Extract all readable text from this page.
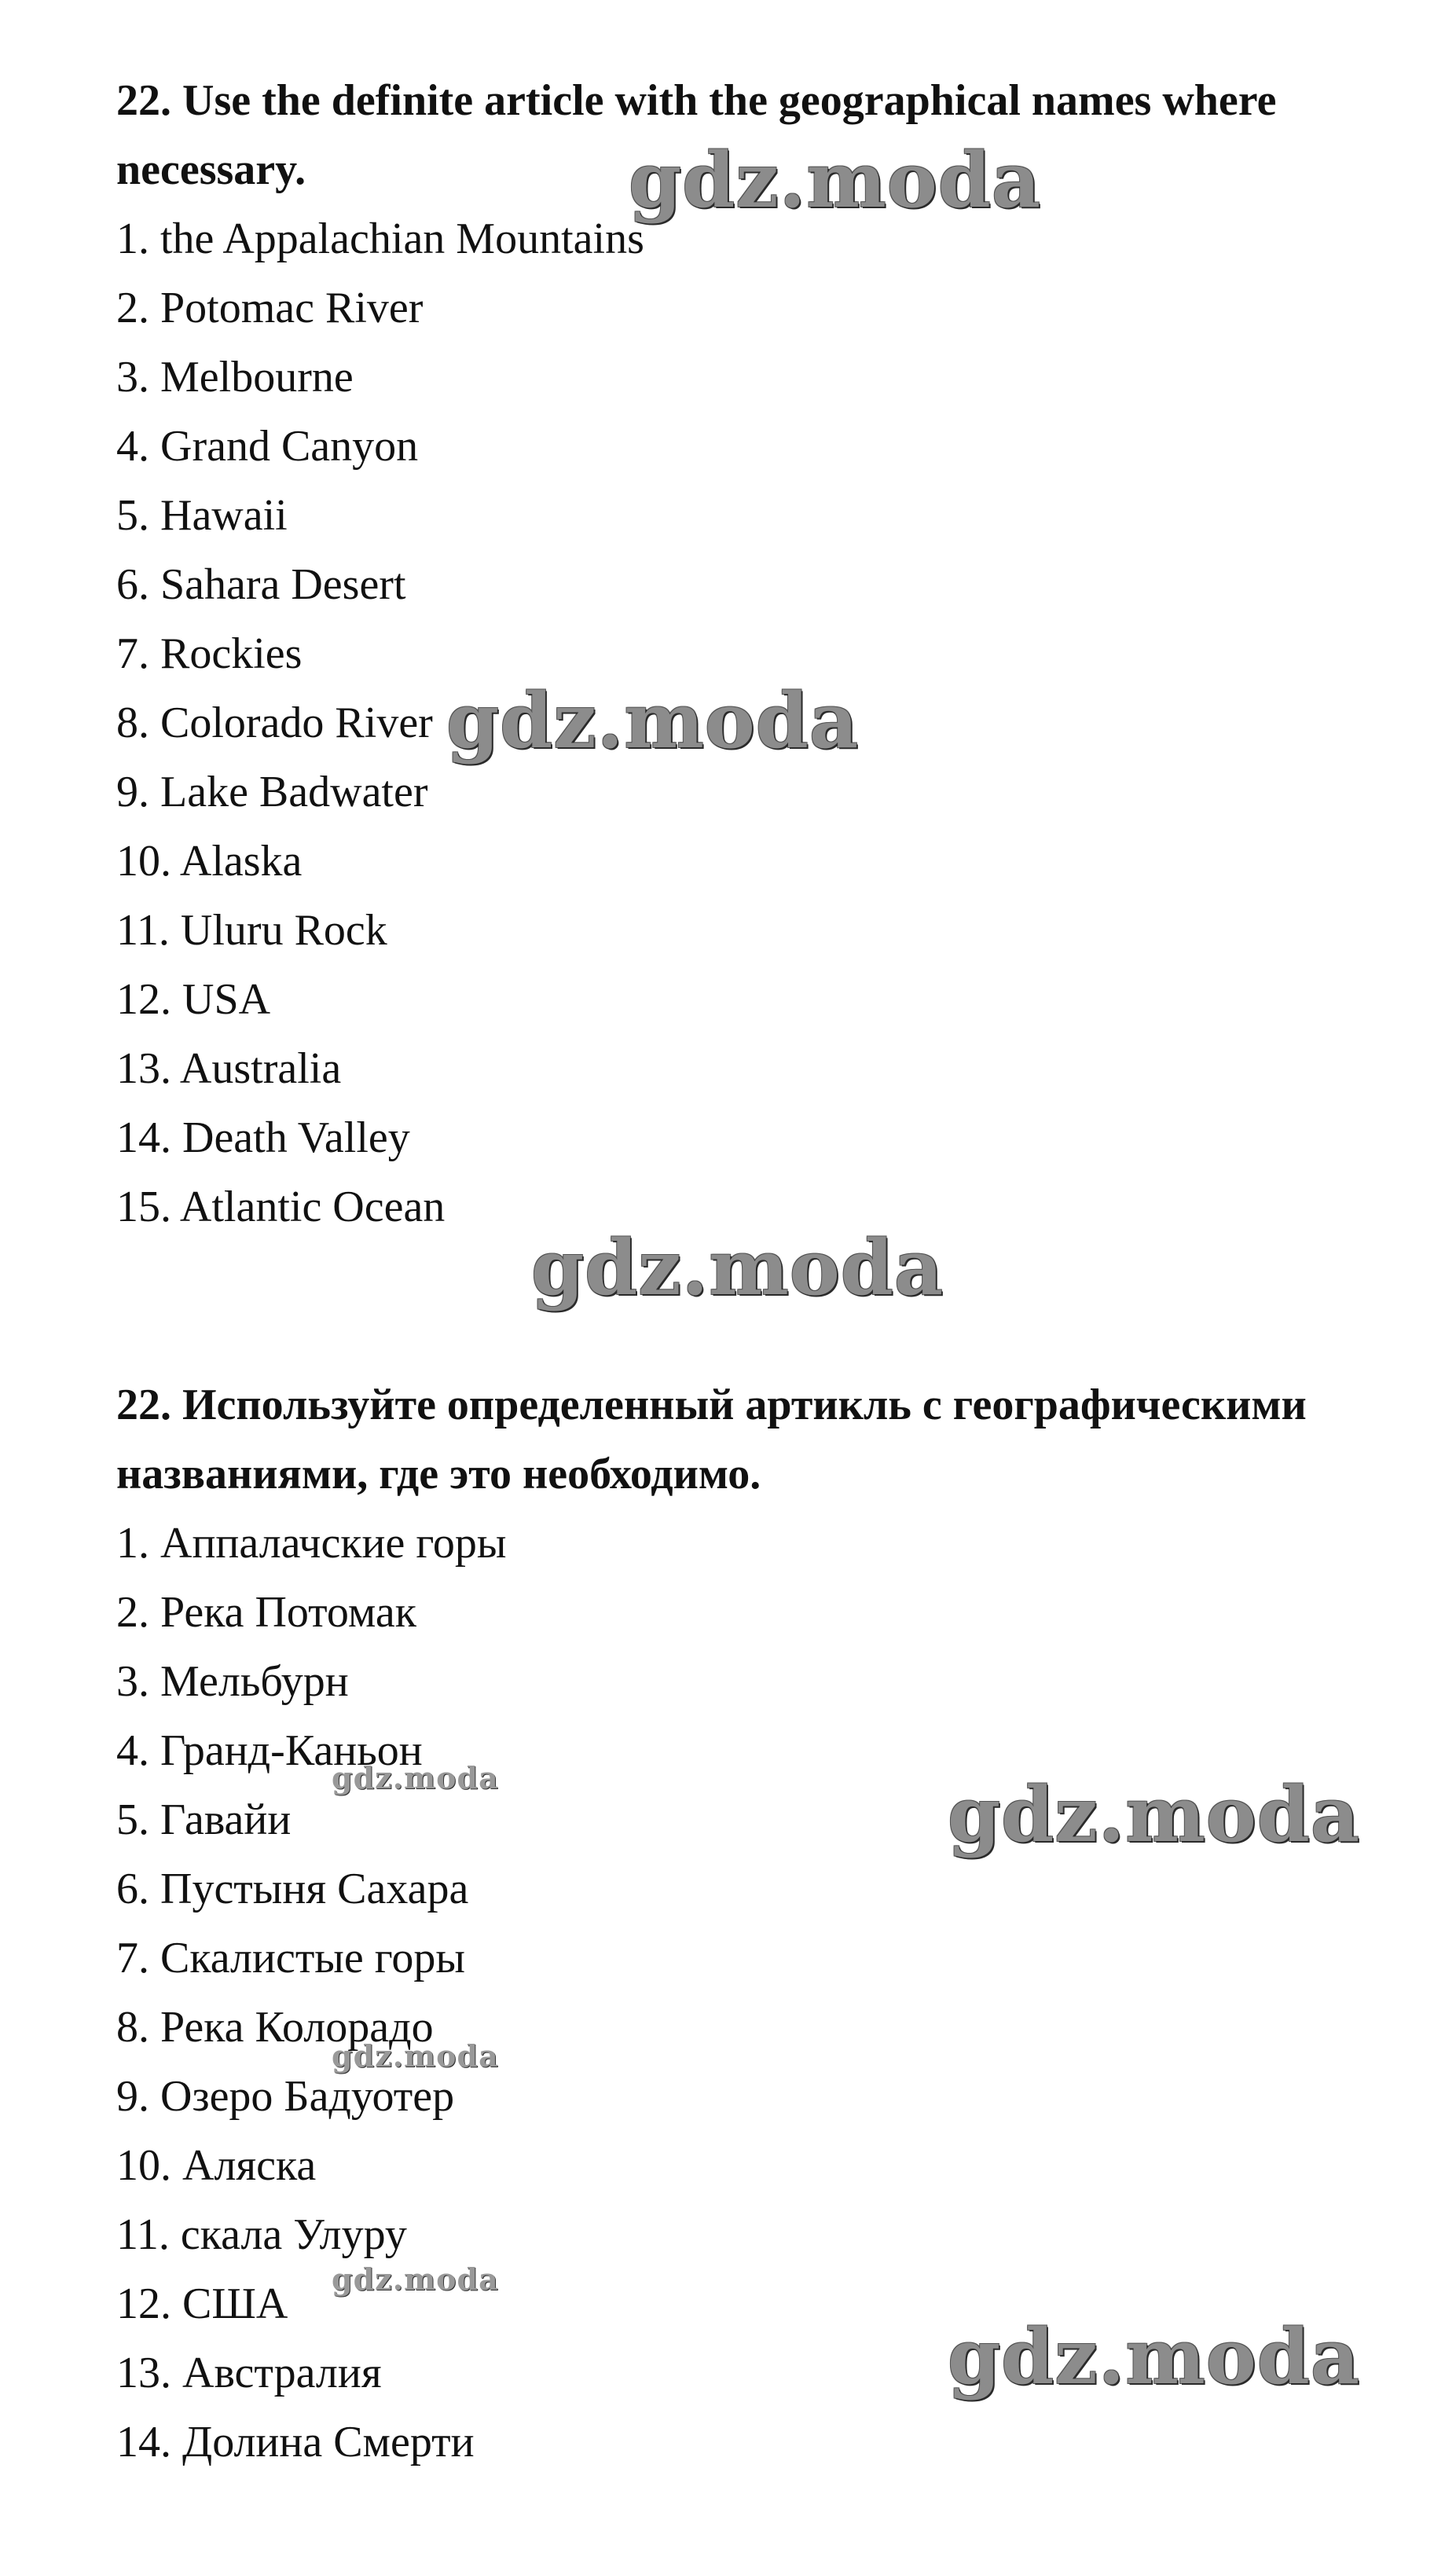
22. Use the definite article with the geographical names where necessary.

1. the Appalachian Mountains
2. Potomac River
3. Melbourne
4. Grand Canyon
5. Hawaii
6. Sahara Desert
7. Rockies
8. Colorado River
9. Lake Badwater
10. Alaska
11. Uluru Rock
12. USA
13. Australia
14. Death Valley
15. Atlantic Ocean

22. Используйте определенный артикль с географическими названиями, где это необходимо.

1. Аппалачские горы
2. Река Потомак
3. Мельбурн
4. Гранд-Каньон
5. Гавайи
6. Пустыня Сахара
7. Скалистые горы
8. Река Колорадо
9. Озеро Бадуотер
10. Аляска
11. скала Улуру
12. США
13. Австралия
14. Долина Смерти
gdz.moda
gdz.moda
gdz.moda
gdz.moda
gdz.moda
gdz.moda
gdz.moda
gdz.moda
